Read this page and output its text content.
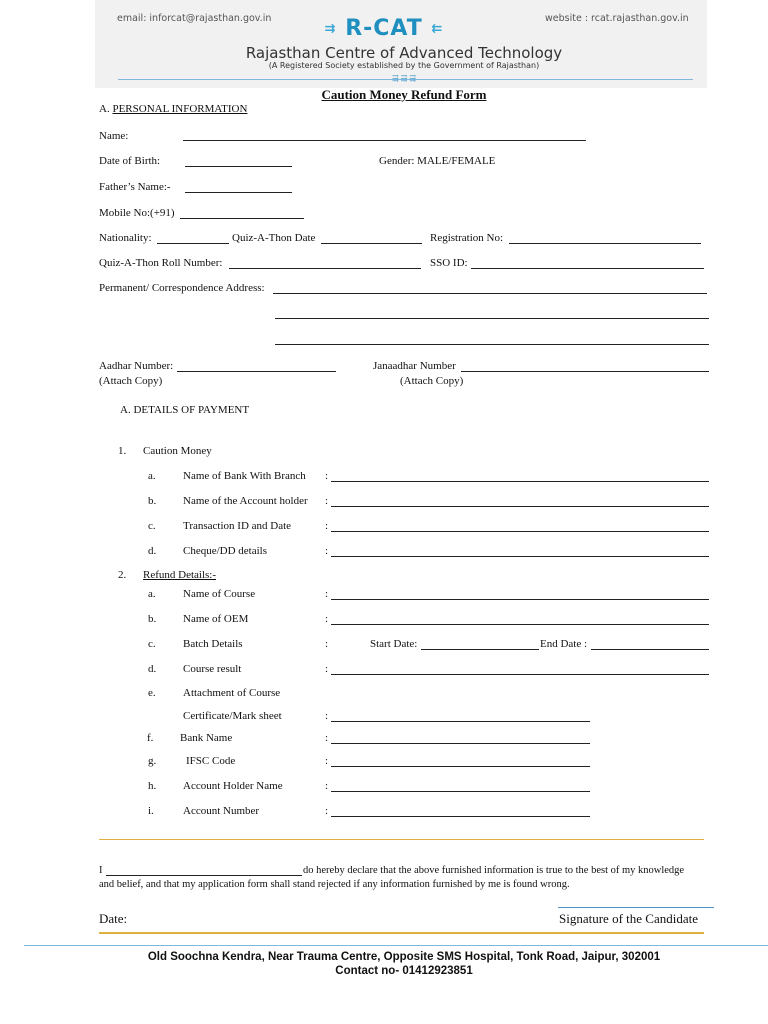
email: inforcat@rajasthan.gov.in	website : rcat.rajasthan.gov.in
⇉ R-CAT ⇇
Rajasthan Centre of Advanced Technology
(A Registered Society established by the Government of Rajasthan)
⇶ ⇶ ⇶
Caution Money Refund Form
A. PERSONAL INFORMATION
Name:
Date of Birth:	Gender: MALE/FEMALE
Father’s Name:-
Mobile No:(+91)
Nationality:	Quiz-A-Thon Date	Registration No:
Quiz-A-Thon Roll Number:	SSO ID:
Permanent/ Correspondence Address:
Aadhar Number:
(Attach Copy)
Janaadhar Number
(Attach Copy)
A. DETAILS OF PAYMENT
1. Caution Money
a. Name of Bank With Branch :
b. Name of the Account holder :
c. Transaction ID and Date	:
d. Cheque/DD details	:
2. Refund Details:-
a. Name of Course	:
b. Name of OEM	:
c. Batch Details	:	Start Date:	End Date :
d. Course result	:
e. Attachment of Course
Certificate/Mark sheet	:
f. Bank Name	:
g.	IFSC Code	:
h. Account Holder Name	:
i.	Account Number	:
I	do hereby declare that the above furnished information is true to the best of my knowledge
and belief, and that my application form shall stand rejected if any information furnished by me is found wrong.
Date:	Signature of the Candidate
Old Soochna Kendra, Near Trauma Centre, Opposite SMS Hospital, Tonk Road, Jaipur, 302001
Contact no- 01412923851
